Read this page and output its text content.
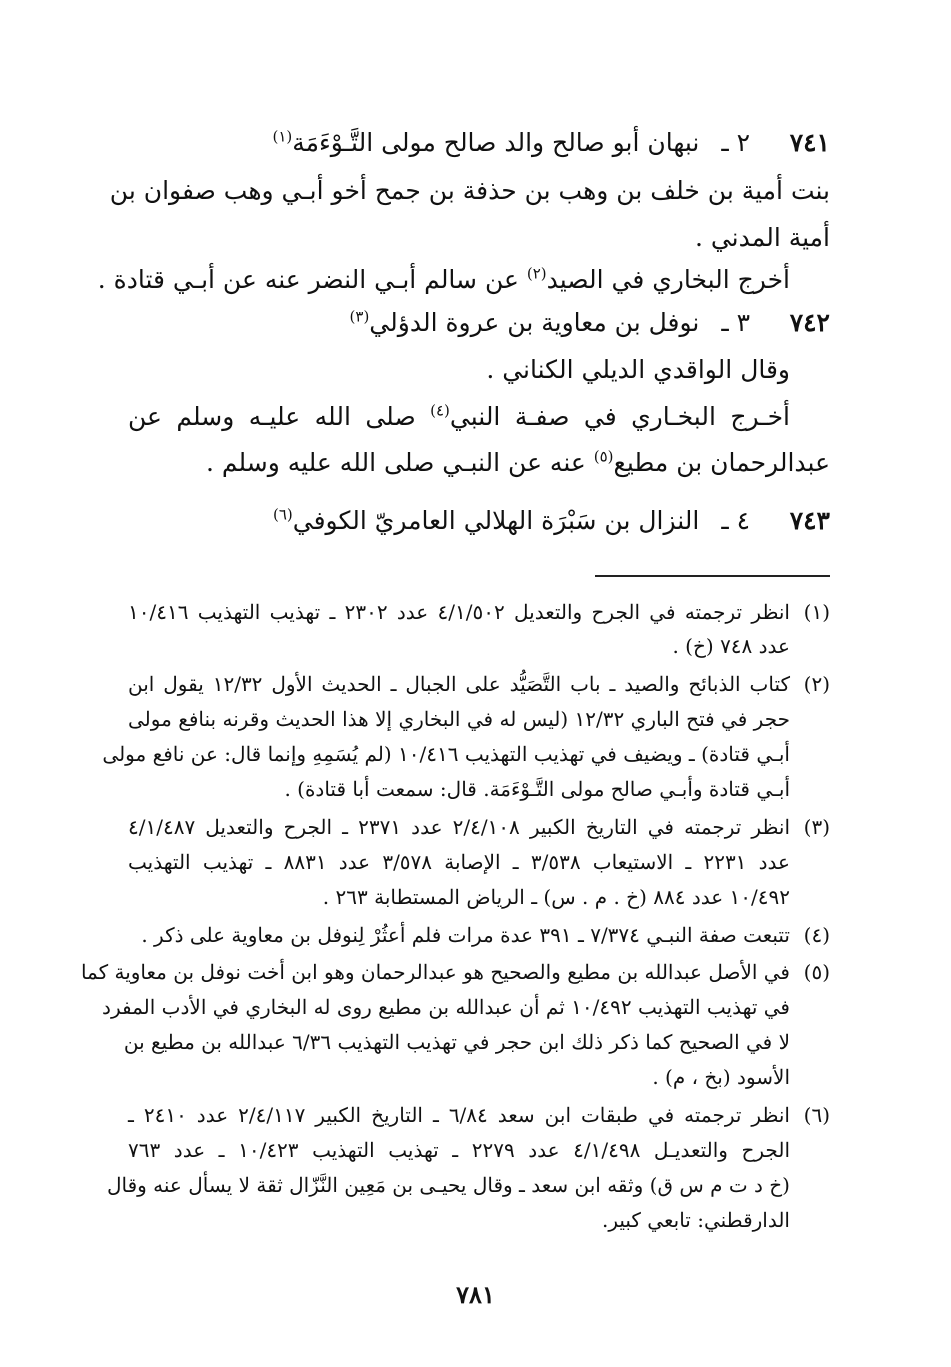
٧٤١ ٢ ـ نبهان أبو صالح والد صالح مولى التَّـوْءَمَة$^{(١)}$
بنت أمية بن خلف بن وهب بن حذفة بن جمح أخو أبـي وهب صفوان بن
أمية المدني .
أخرج البخاري في الصيد$^{(٢)}$ عن سالم أبـي النضر عنه عن أبـي قتادة .
٧٤٢ ٣ ـ نوفل بن معاوية بن عروة الدؤلي$^{(٣)}$
وقال الواقدي الديلي الكناني .
أخـرج البخـاري في صفـة النبي$^{(٤)}$ صلى الله عليـه وسلم عن
عبدالرحمان بن مطيع$^{(٥)}$ عنه عن النبـي صلى الله عليه وسلم .
٧٤٣ ٤ ـ النزال بن سَبْرَة الهلالي العامريّ الكوفي$^{(٦)}$
(١)انظر ترجمته في الجرح والتعديل ٤/١/٥٠٢ عدد ٢٣٠٢ ـ تهذيب التهذيب ١٠/٤١٦
عدد ٧٤٨ (خ) .
(٢)كتاب الذبائح والصيد ـ باب التَّصَيُّد على الجبال ـ الحديث الأول ١٢/٣٢ يقول ابن
حجر في فتح الباري ١٢/٣٢ (ليس له في البخاري إلا هذا الحديث وقرنه بنافع مولى
أبـي قتادة) ـ ويضيف في تهذيب التهذيب ١٠/٤١٦ (لم يُسَمِهِ وإنما قال: عن نافع مولى
أبـي قتادة وأبـي صالح مولى التَّـوْءَمَة. قال: سمعت أبا قتادة) .
(٣)انظر ترجمته في التاريخ الكبير ٢/٤/١٠٨ عدد ٢٣٧١ ـ الجرح والتعديل ٤/١/٤٨٧
عدد ٢٢٣١ ـ الاستيعاب ٣/٥٣٨ ـ الإصابة ٣/٥٧٨ عدد ٨٨٣١ ـ تهذيب التهذيب
١٠/٤٩٢ عدد ٨٨٤ (خ . م . س) ـ الرياض المستطابة ٢٦٣ .
(٤)تتبعت صفة النبـي ٧/٣٧٤ ـ ٣٩١ عدة مرات فلم أعثُرْ لِنوفل بن معاوية على ذكر .
(٥)في الأصل عبدالله بن مطيع والصحيح هو عبدالرحمان وهو ابن أخت نوفل بن معاوية كما
في تهذيب التهذيب ١٠/٤٩٢ ثم أن عبدالله بن مطيع روى له البخاري في الأدب المفرد
لا في الصحيح كما ذكر ذلك ابن حجر في تهذيب التهذيب ٦/٣٦ عبدالله بن مطيع بن
الأسود (بخ ، م) .
(٦)انظر ترجمته في طبقات ابن سعد ٦/٨٤ ـ التاريخ الكبير ٢/٤/١١٧ عدد ٢٤١٠ ـ
الجرح والتعديـل ٤/١/٤٩٨ عدد ٢٢٧٩ ـ تهذيب التهذيب ١٠/٤٢٣ ـ عدد ٧٦٣
(خ د ت م س ق) وثقه ابن سعد ـ وقال يحيـى بن مَعِين النَّزّال ثقة لا يسأل عنه وقال
الدارقطني: تابعي كبير.
٧٨١
